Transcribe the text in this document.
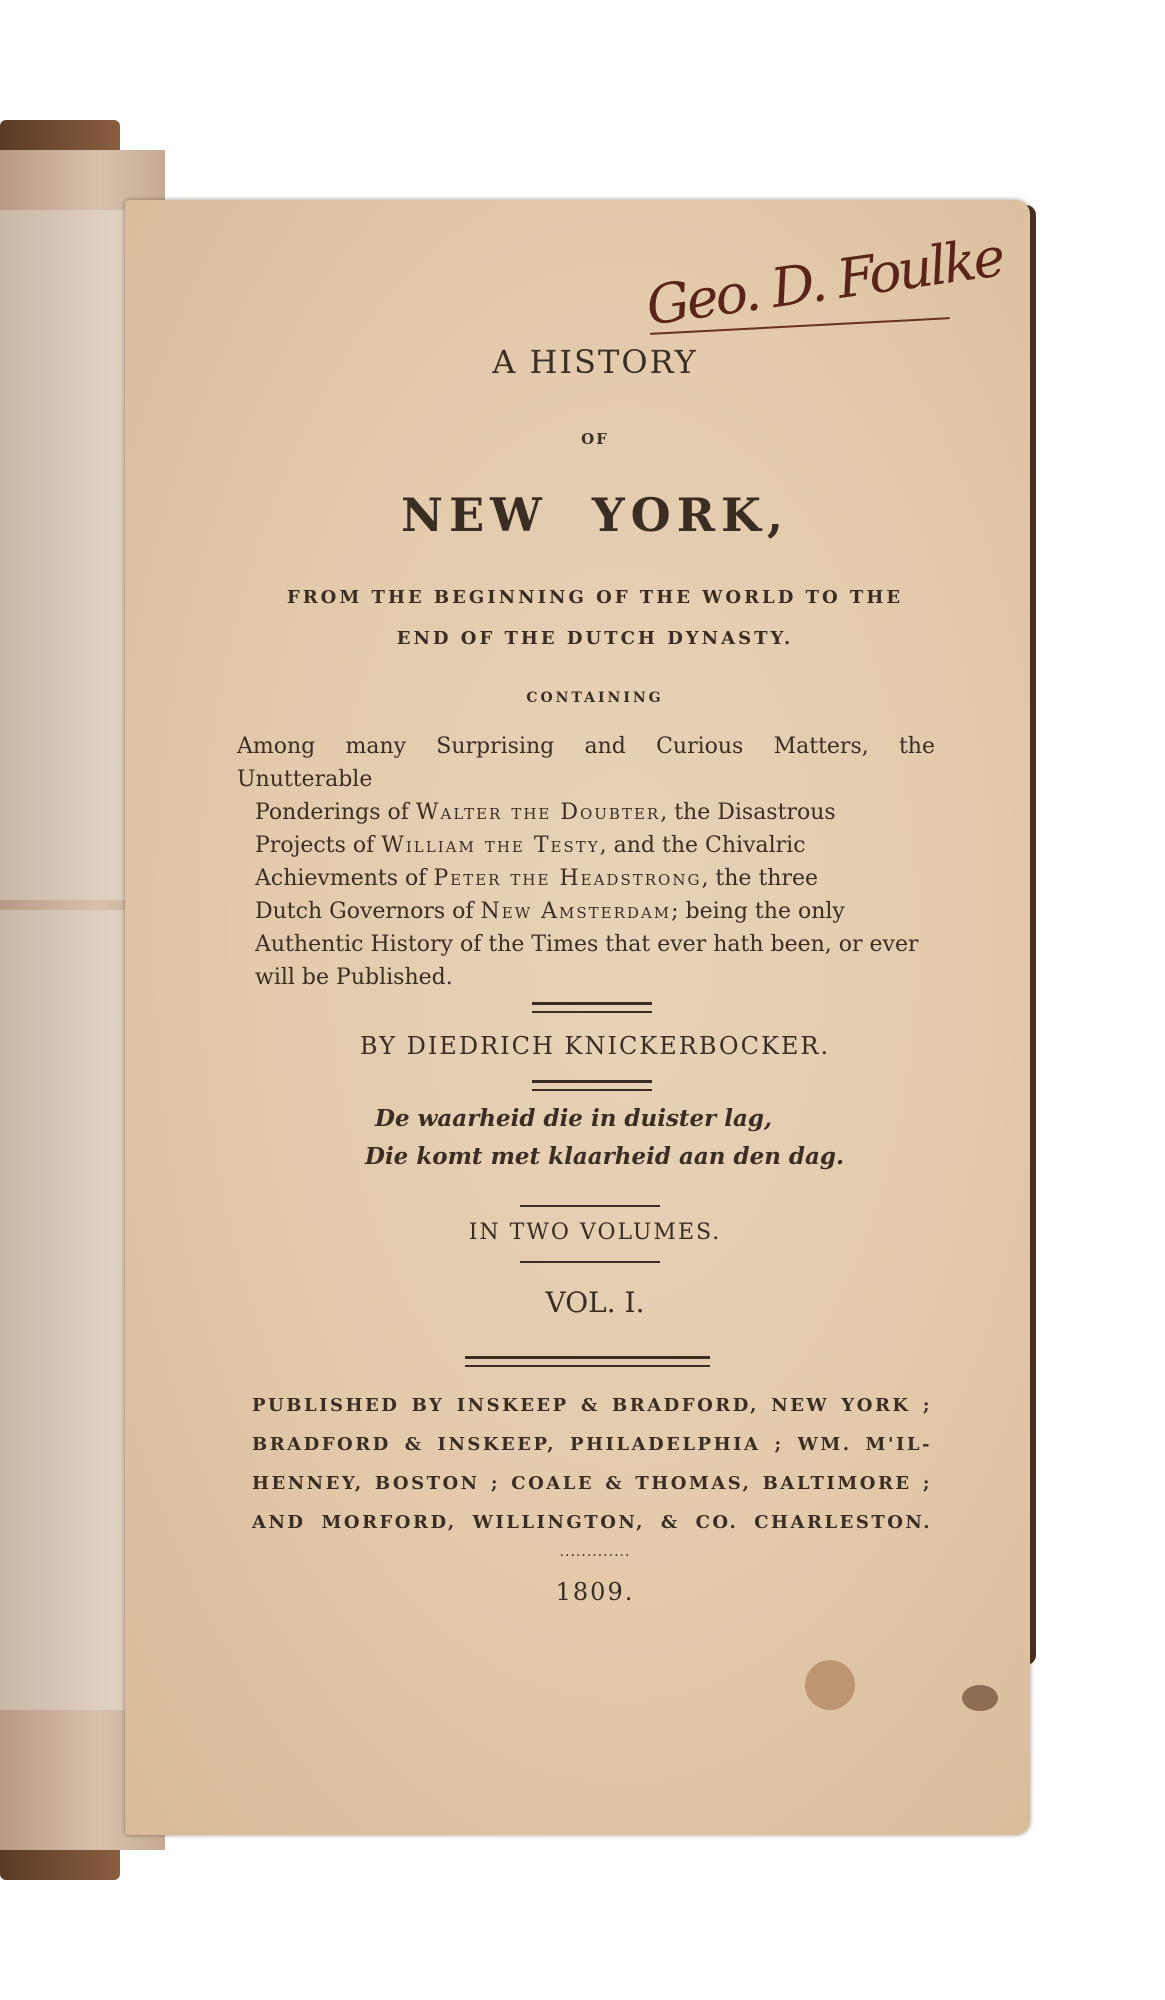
Geo. D. Foulke
A HISTORY
OF
NEW  YORK,
FROM THE BEGINNING OF THE WORLD TO THE
END OF THE DUTCH DYNASTY.
CONTAINING
Among many Surprising and Curious Matters, the Unutterable
Ponderings of Walter the Doubter, the Disastrous
Projects of William the Testy, and the Chivalric
Achievments of Peter the Headstrong, the three
Dutch Governors of New Amsterdam; being the only
Authentic History of the Times that ever hath been, or ever
will be Published.
BY DIEDRICH KNICKERBOCKER.
De waarheid die in duister lag,
Die komt met klaarheid aan den dag.
IN TWO VOLUMES.
VOL. I.
PUBLISHED BY INSKEEP & BRADFORD, NEW YORK ;
BRADFORD & INSKEEP, PHILADELPHIA ; WM. M'IL-
HENNEY, BOSTON ; COALE & THOMAS, BALTIMORE ;
AND MORFORD, WILLINGTON, & CO. CHARLESTON.
·············
1809.
